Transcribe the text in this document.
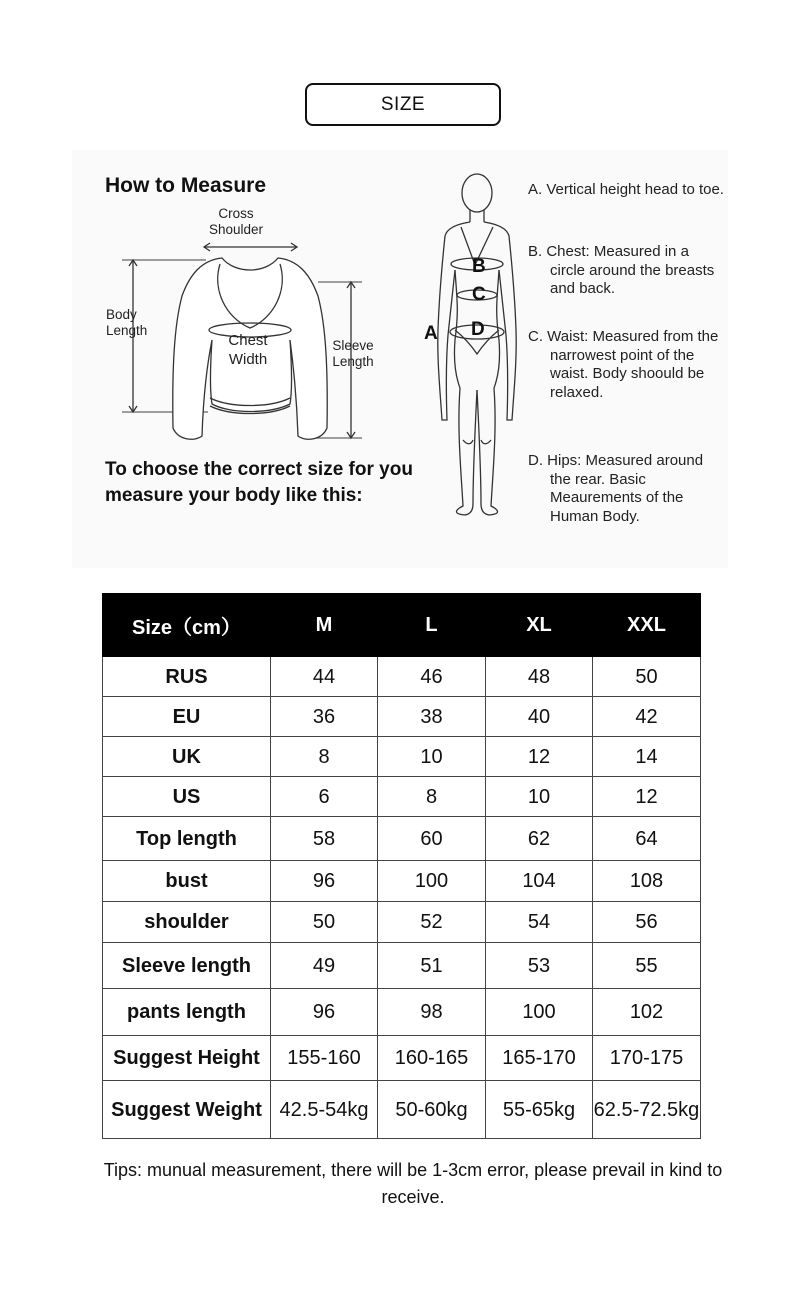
SIZE
How to Measure
Cross Shoulder
Body Length
Chest Width
Sleeve Length
To choose the correct size for you measure your body like this:
B
C
D
A
A. Vertical height head to toe.
B. Chest: Measured in a circle around the breasts and back.
C. Waist: Measured from the narrowest point of the waist. Body shoould be relaxed.
D. Hips: Measured around the rear. Basic Meaurements of the Human Body.
Size（cm）	M	L	XL	XXL
RUS	44	46	48	50
EU	36	38	40	42
UK	8	10	12	14
US	6	8	10	12
Top length	58	60	62	64
bust	96	100	104	108
shoulder	50	52	54	56
Sleeve length	49	51	53	55
pants length	96	98	100	102
Suggest Height	155-160	160-165	165-170	170-175
Suggest Weight	42.5-54kg	50-60kg	55-65kg	62.5-72.5kg
Tips: munual measurement, there will be 1-3cm error, please prevail in kind to receive.
